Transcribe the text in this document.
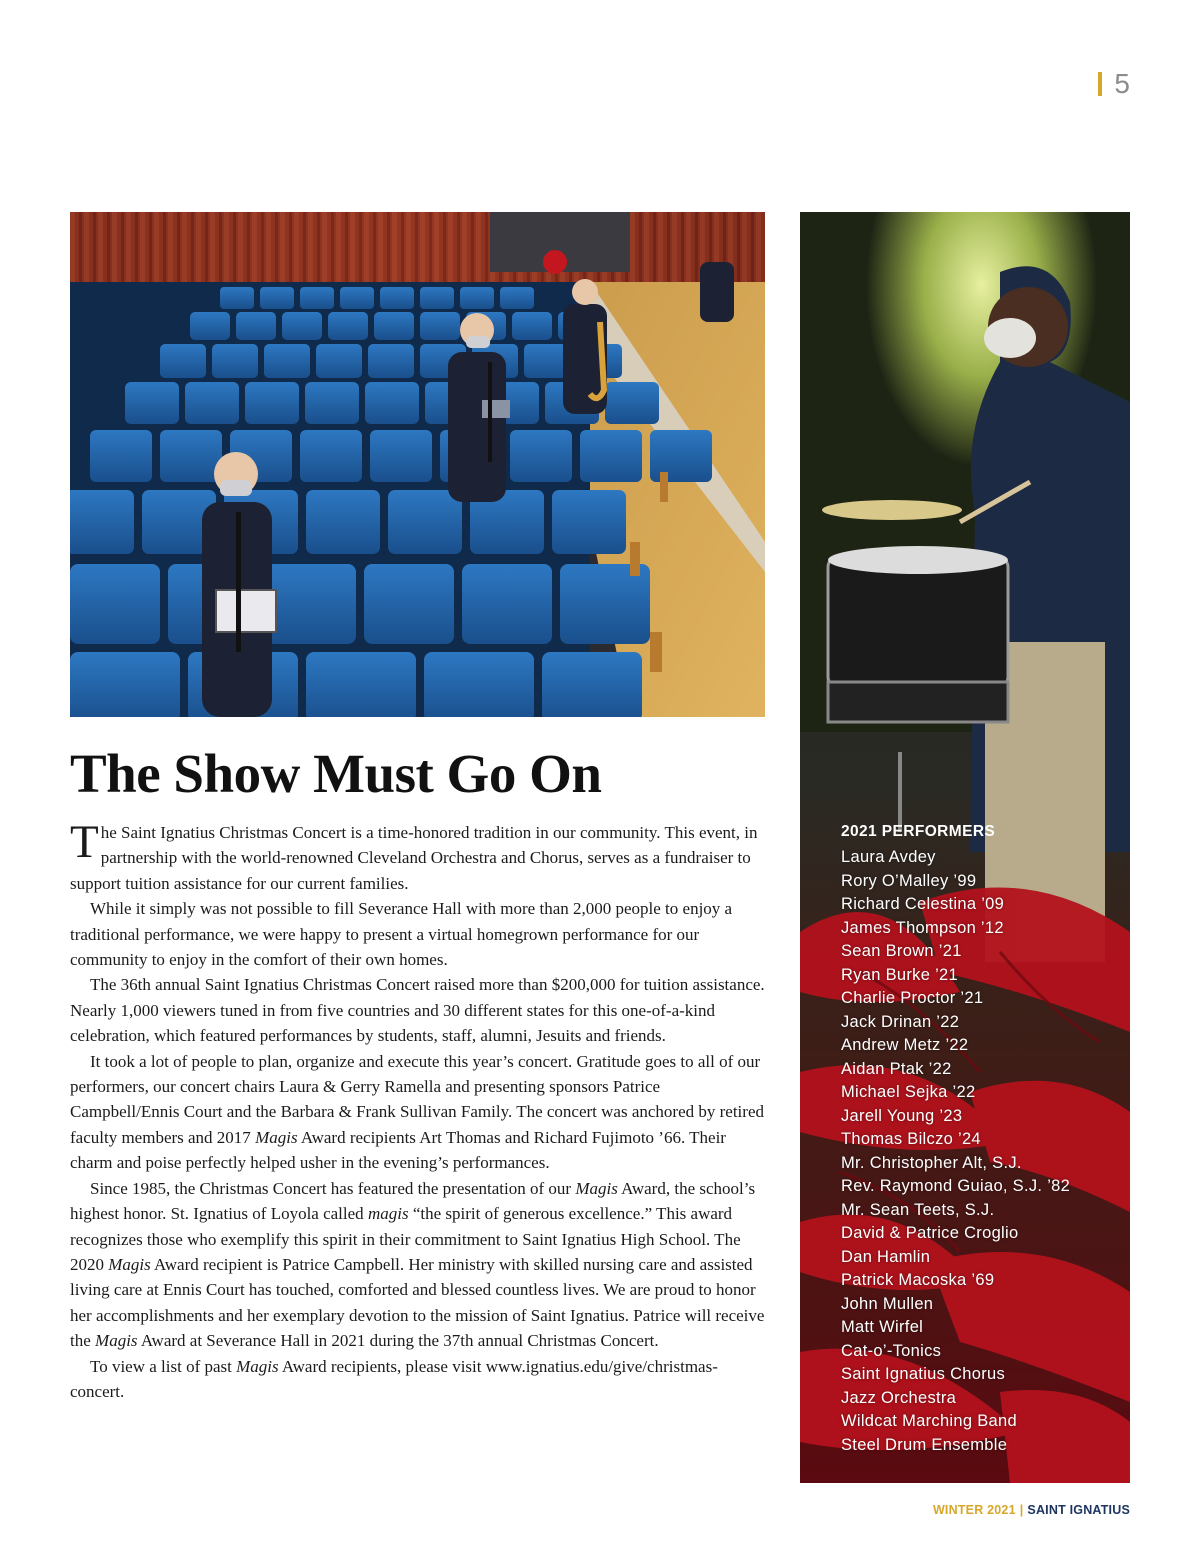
5
2021 PERFORMERS
Laura Avdey
Rory O’Malley ’99
Richard Celestina ’09
James Thompson ’12
Sean Brown ’21
Ryan Burke ’21
Charlie Proctor ’21
Jack Drinan ’22
Andrew Metz ’22
Aidan Ptak ’22
Michael Sejka ’22
Jarell Young ’23
Thomas Bilczo ’24
Mr. Christopher Alt, S.J.
Rev. Raymond Guiao, S.J. ’82
Mr. Sean Teets, S.J.
David & Patrice Croglio
Dan Hamlin
Patrick Macoska ’69
John Mullen
Matt Wirfel
Cat-o’-Tonics
Saint Ignatius Chorus
Jazz Orchestra
Wildcat Marching Band
Steel Drum Ensemble
The Show Must Go On

The Saint Ignatius Christmas Concert is a time-honored tradition in our community. This event, in partnership with the world-renowned Cleveland Orchestra and Chorus, serves as a fundraiser to support tuition assistance for our current families.

While it simply was not possible to fill Severance Hall with more than 2,000 people to enjoy a traditional performance, we were happy to present a virtual homegrown performance for our community to enjoy in the comfort of their own homes.

The 36th annual Saint Ignatius Christmas Concert raised more than $200,000 for tuition assistance. Nearly 1,000 viewers tuned in from five countries and 30 different states for this one-of-a-kind celebration, which featured performances by students, staff, alumni, Jesuits and friends.

It took a lot of people to plan, organize and execute this year’s concert. Gratitude goes to all of our performers, our concert chairs Laura & Gerry Ramella and presenting sponsors Patrice Campbell/Ennis Court and the Barbara & Frank Sullivan Family. The concert was anchored by retired faculty members and 2017 Magis Award recipients Art Thomas and Richard Fujimoto ’66. Their charm and poise perfectly helped usher in the evening’s performances.

Since 1985, the Christmas Concert has featured the presentation of our Magis Award, the school’s highest honor. St. Ignatius of Loyola called magis “the spirit of generous excellence.” This award recognizes those who exemplify this spirit in their commitment to Saint Ignatius High School. The 2020 Magis Award recipient is Patrice Campbell. Her ministry with skilled nursing care and assisted living care at Ennis Court has touched, comforted and blessed countless lives. We are proud to honor her accomplishments and her exemplary devotion to the mission of Saint Ignatius. Patrice will receive the Magis Award at Severance Hall in 2021 during the 37th annual Christmas Concert.

To view a list of past Magis Award recipients, please visit www.ignatius.edu/give/christmas-concert.

WINTER 2021 | SAINT IGNATIUS
